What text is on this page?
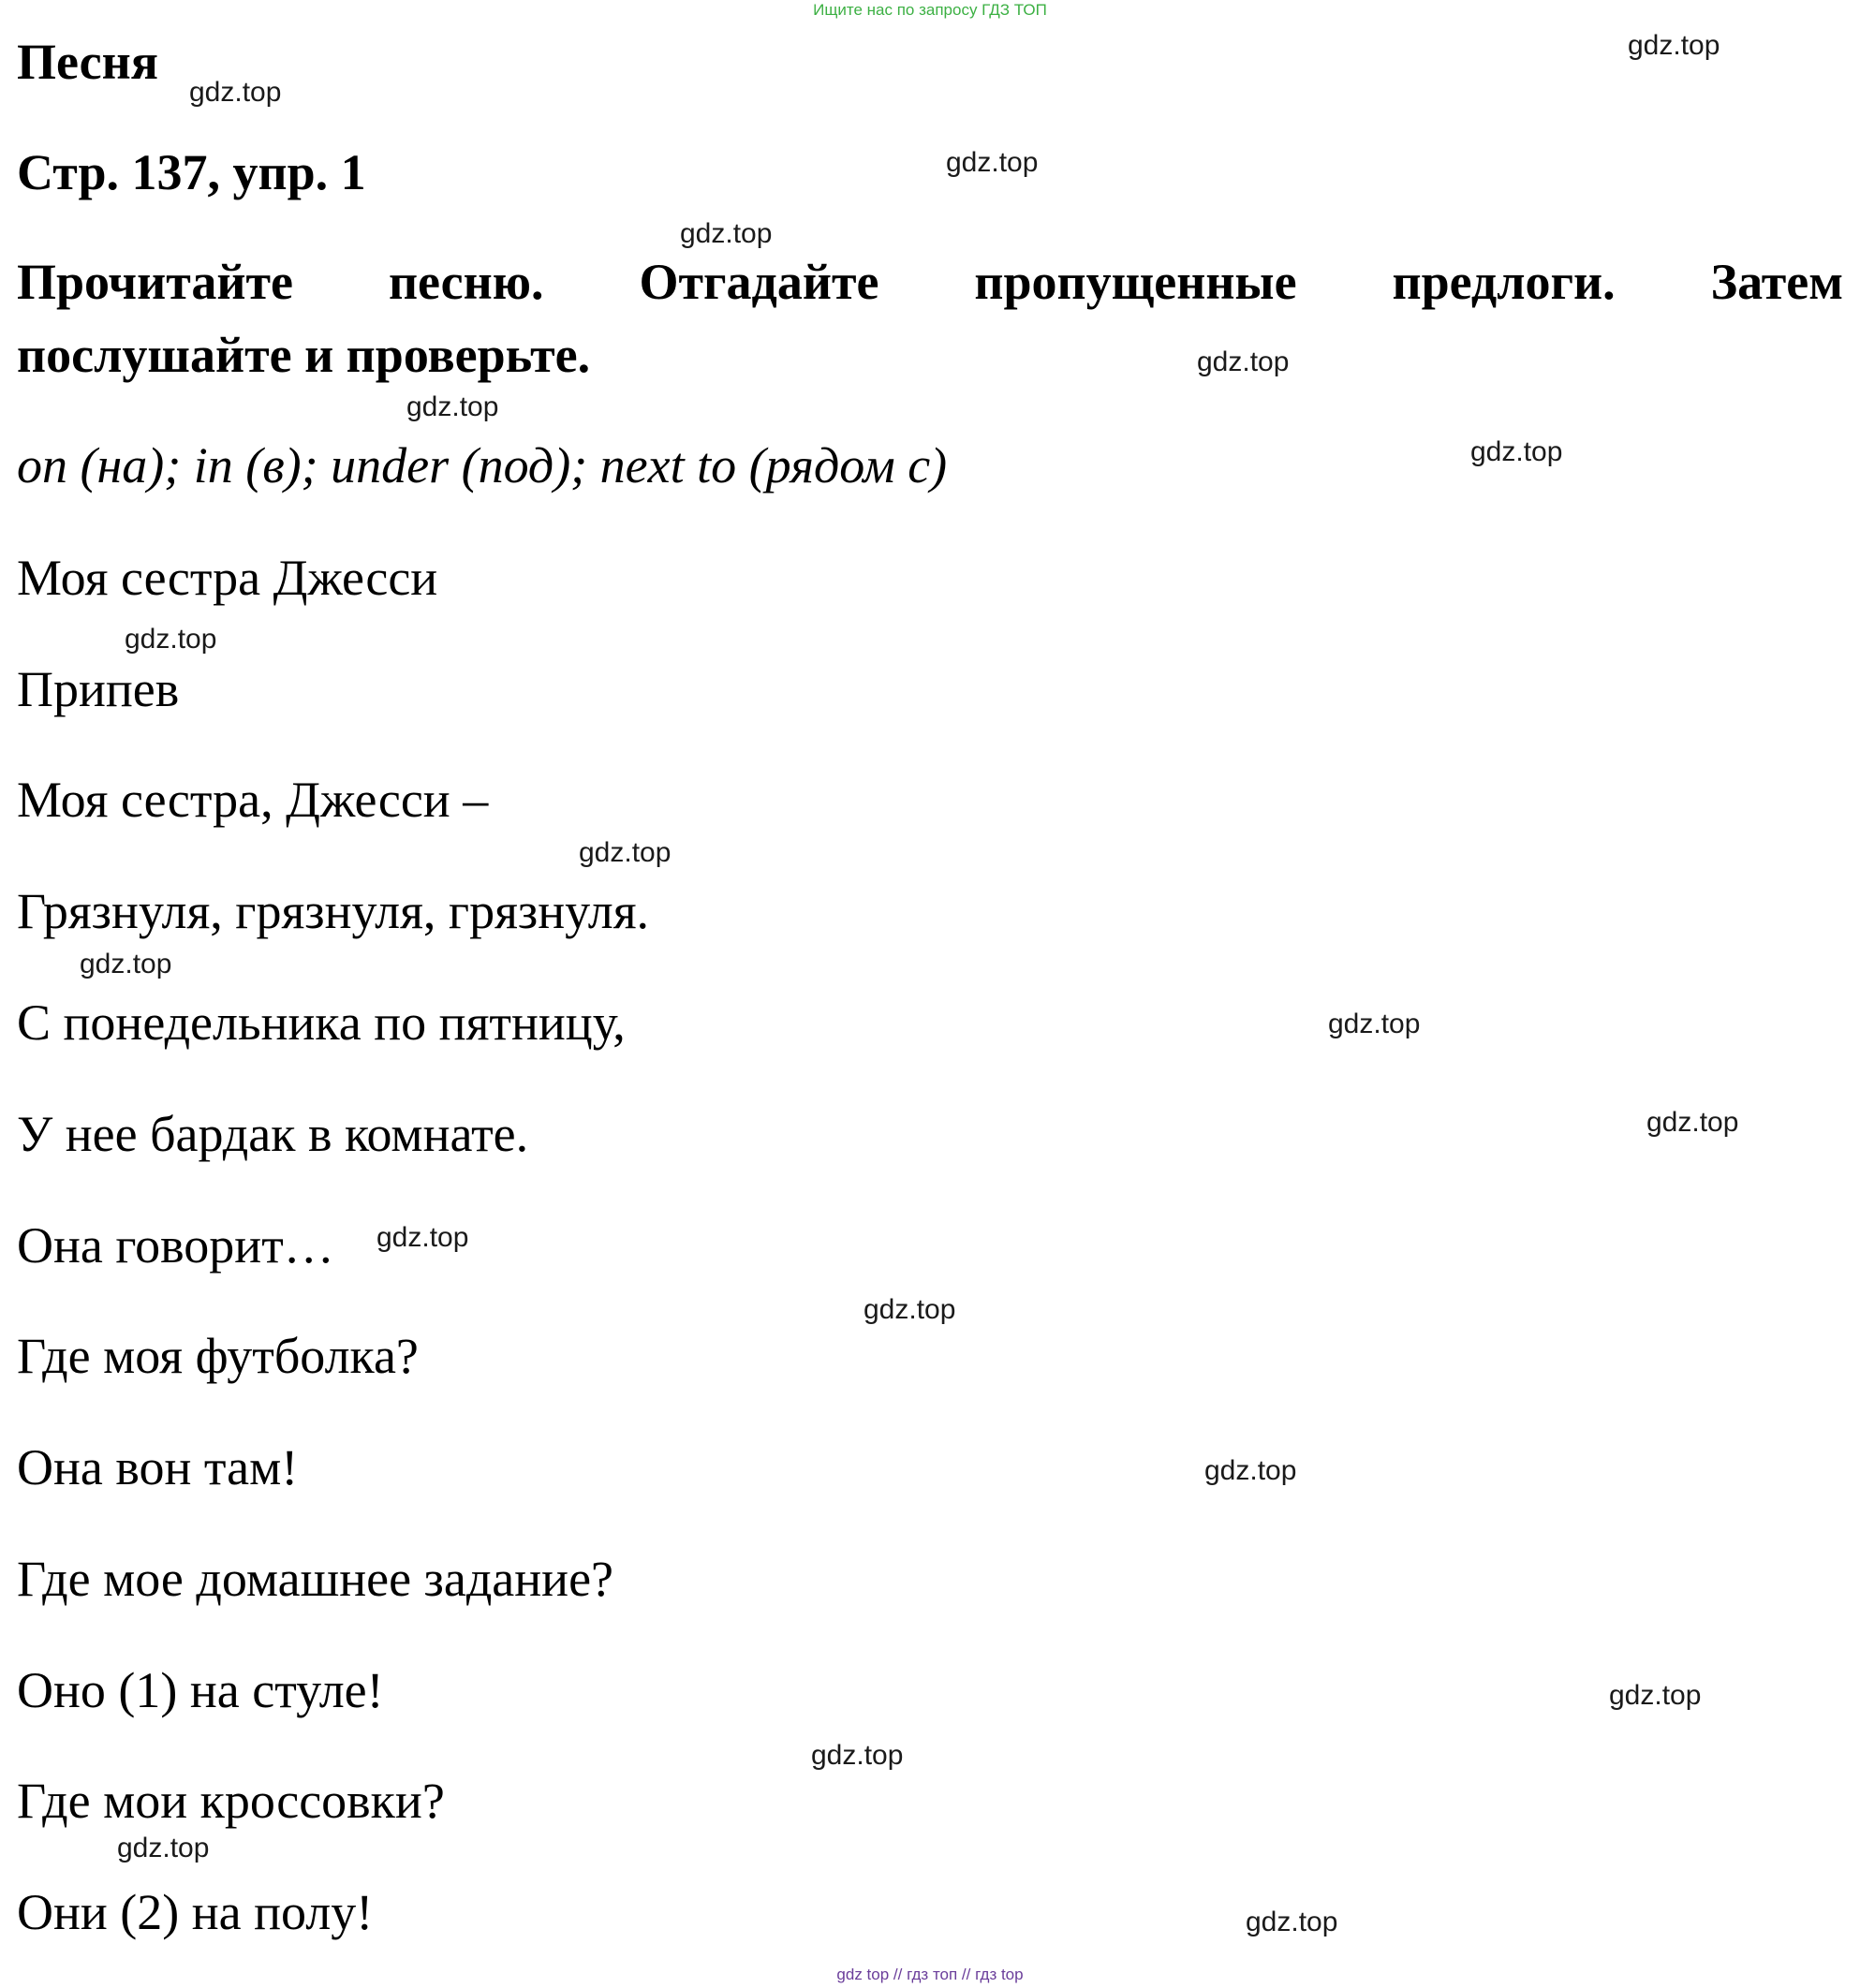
Ищите нас по запросу ГДЗ ТОП
Песня
Стр. 137, упр. 1
Прочитайте песню. Отгадайте пропущенные предлоги. Затем
послушайте и проверьте.
on (на); in (в); under (под); next to (рядом с)
Моя сестра Джесси
Припев
Моя сестра, Джесси –
Грязнуля, грязнуля, грязнуля.
С понедельника по пятницу,
У нее бардак в комнате.
Она говорит…
Где моя футболка?
Она вон там!
Где мое домашнее задание?
Оно (1) на стуле!
Где мои кроссовки?
Они (2) на полу!
gdz.top
gdz.top
gdz.top
gdz.top
gdz.top
gdz.top
gdz.top
gdz.top
gdz.top
gdz.top
gdz.top
gdz.top
gdz.top
gdz.top
gdz.top
gdz.top
gdz.top
gdz.top
gdz.top
gdz top // гдз топ // гдз top
